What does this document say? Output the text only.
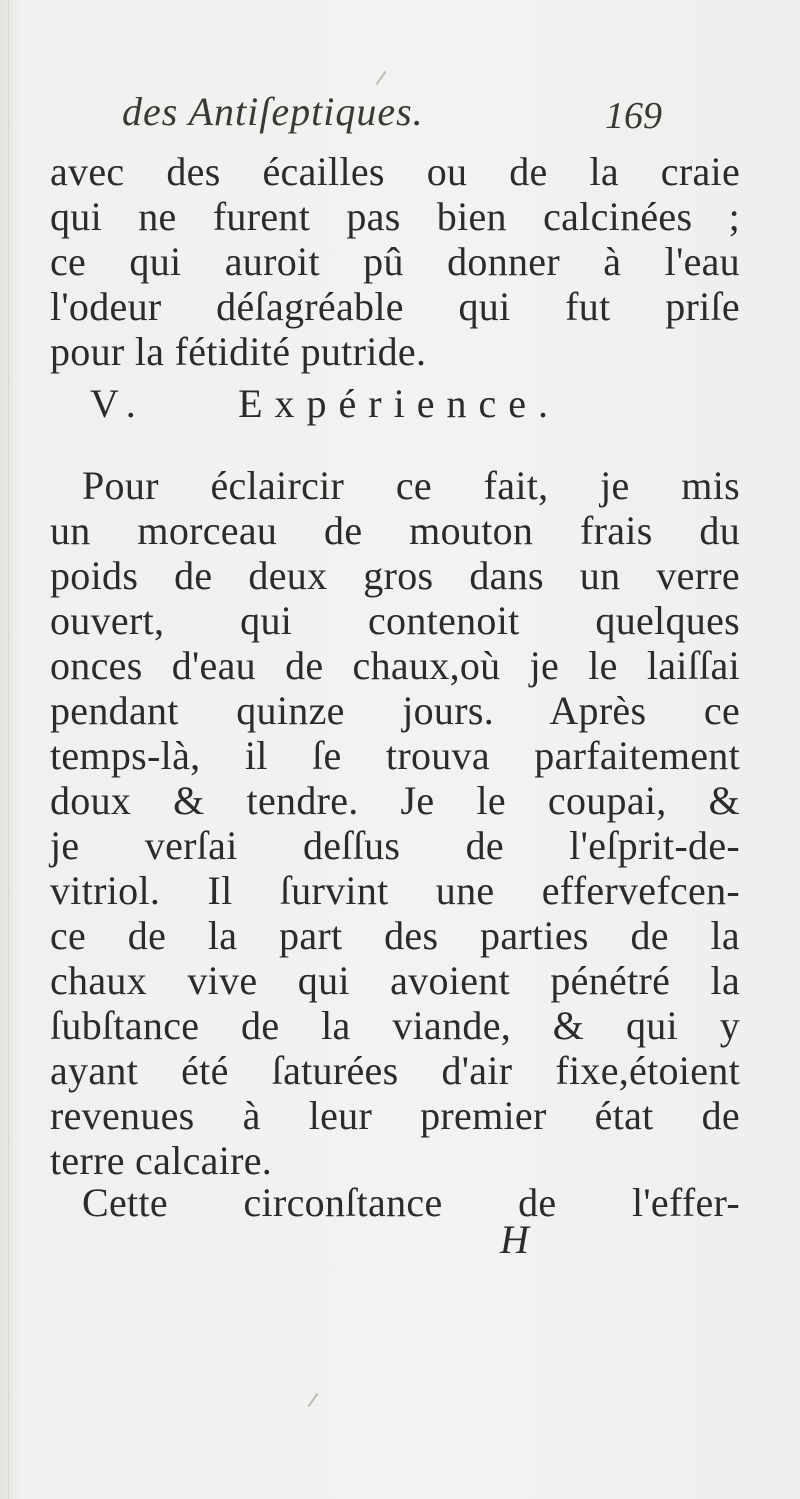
des Antiſeptiques.	169
avec des écailles ou de la craie
qui ne furent pas bien calcinées ;
ce qui auroit pû donner à l'eau
l'odeur déſagréable qui fut priſe
pour la fétidité putride.
V. Expérience.
Pour éclaircir ce fait, je mis
un morceau de mouton frais du
poids de deux gros dans un verre
ouvert, qui contenoit quelques
onces d'eau de chaux,où je le laiſſai
pendant quinze jours. Après ce
temps-là, il ſe trouva parfaitement
doux & tendre. Je le coupai, &
je verſai deſſus de l'eſprit-de-
vitriol. Il ſurvint une effervefcen-
ce de la part des parties de la
chaux vive qui avoient pénétré la
ſubſtance de la viande, & qui y
ayant été ſaturées d'air fixe,étoient
revenues à leur premier état de
terre calcaire.
Cette circonſtance de l'effer-
H
